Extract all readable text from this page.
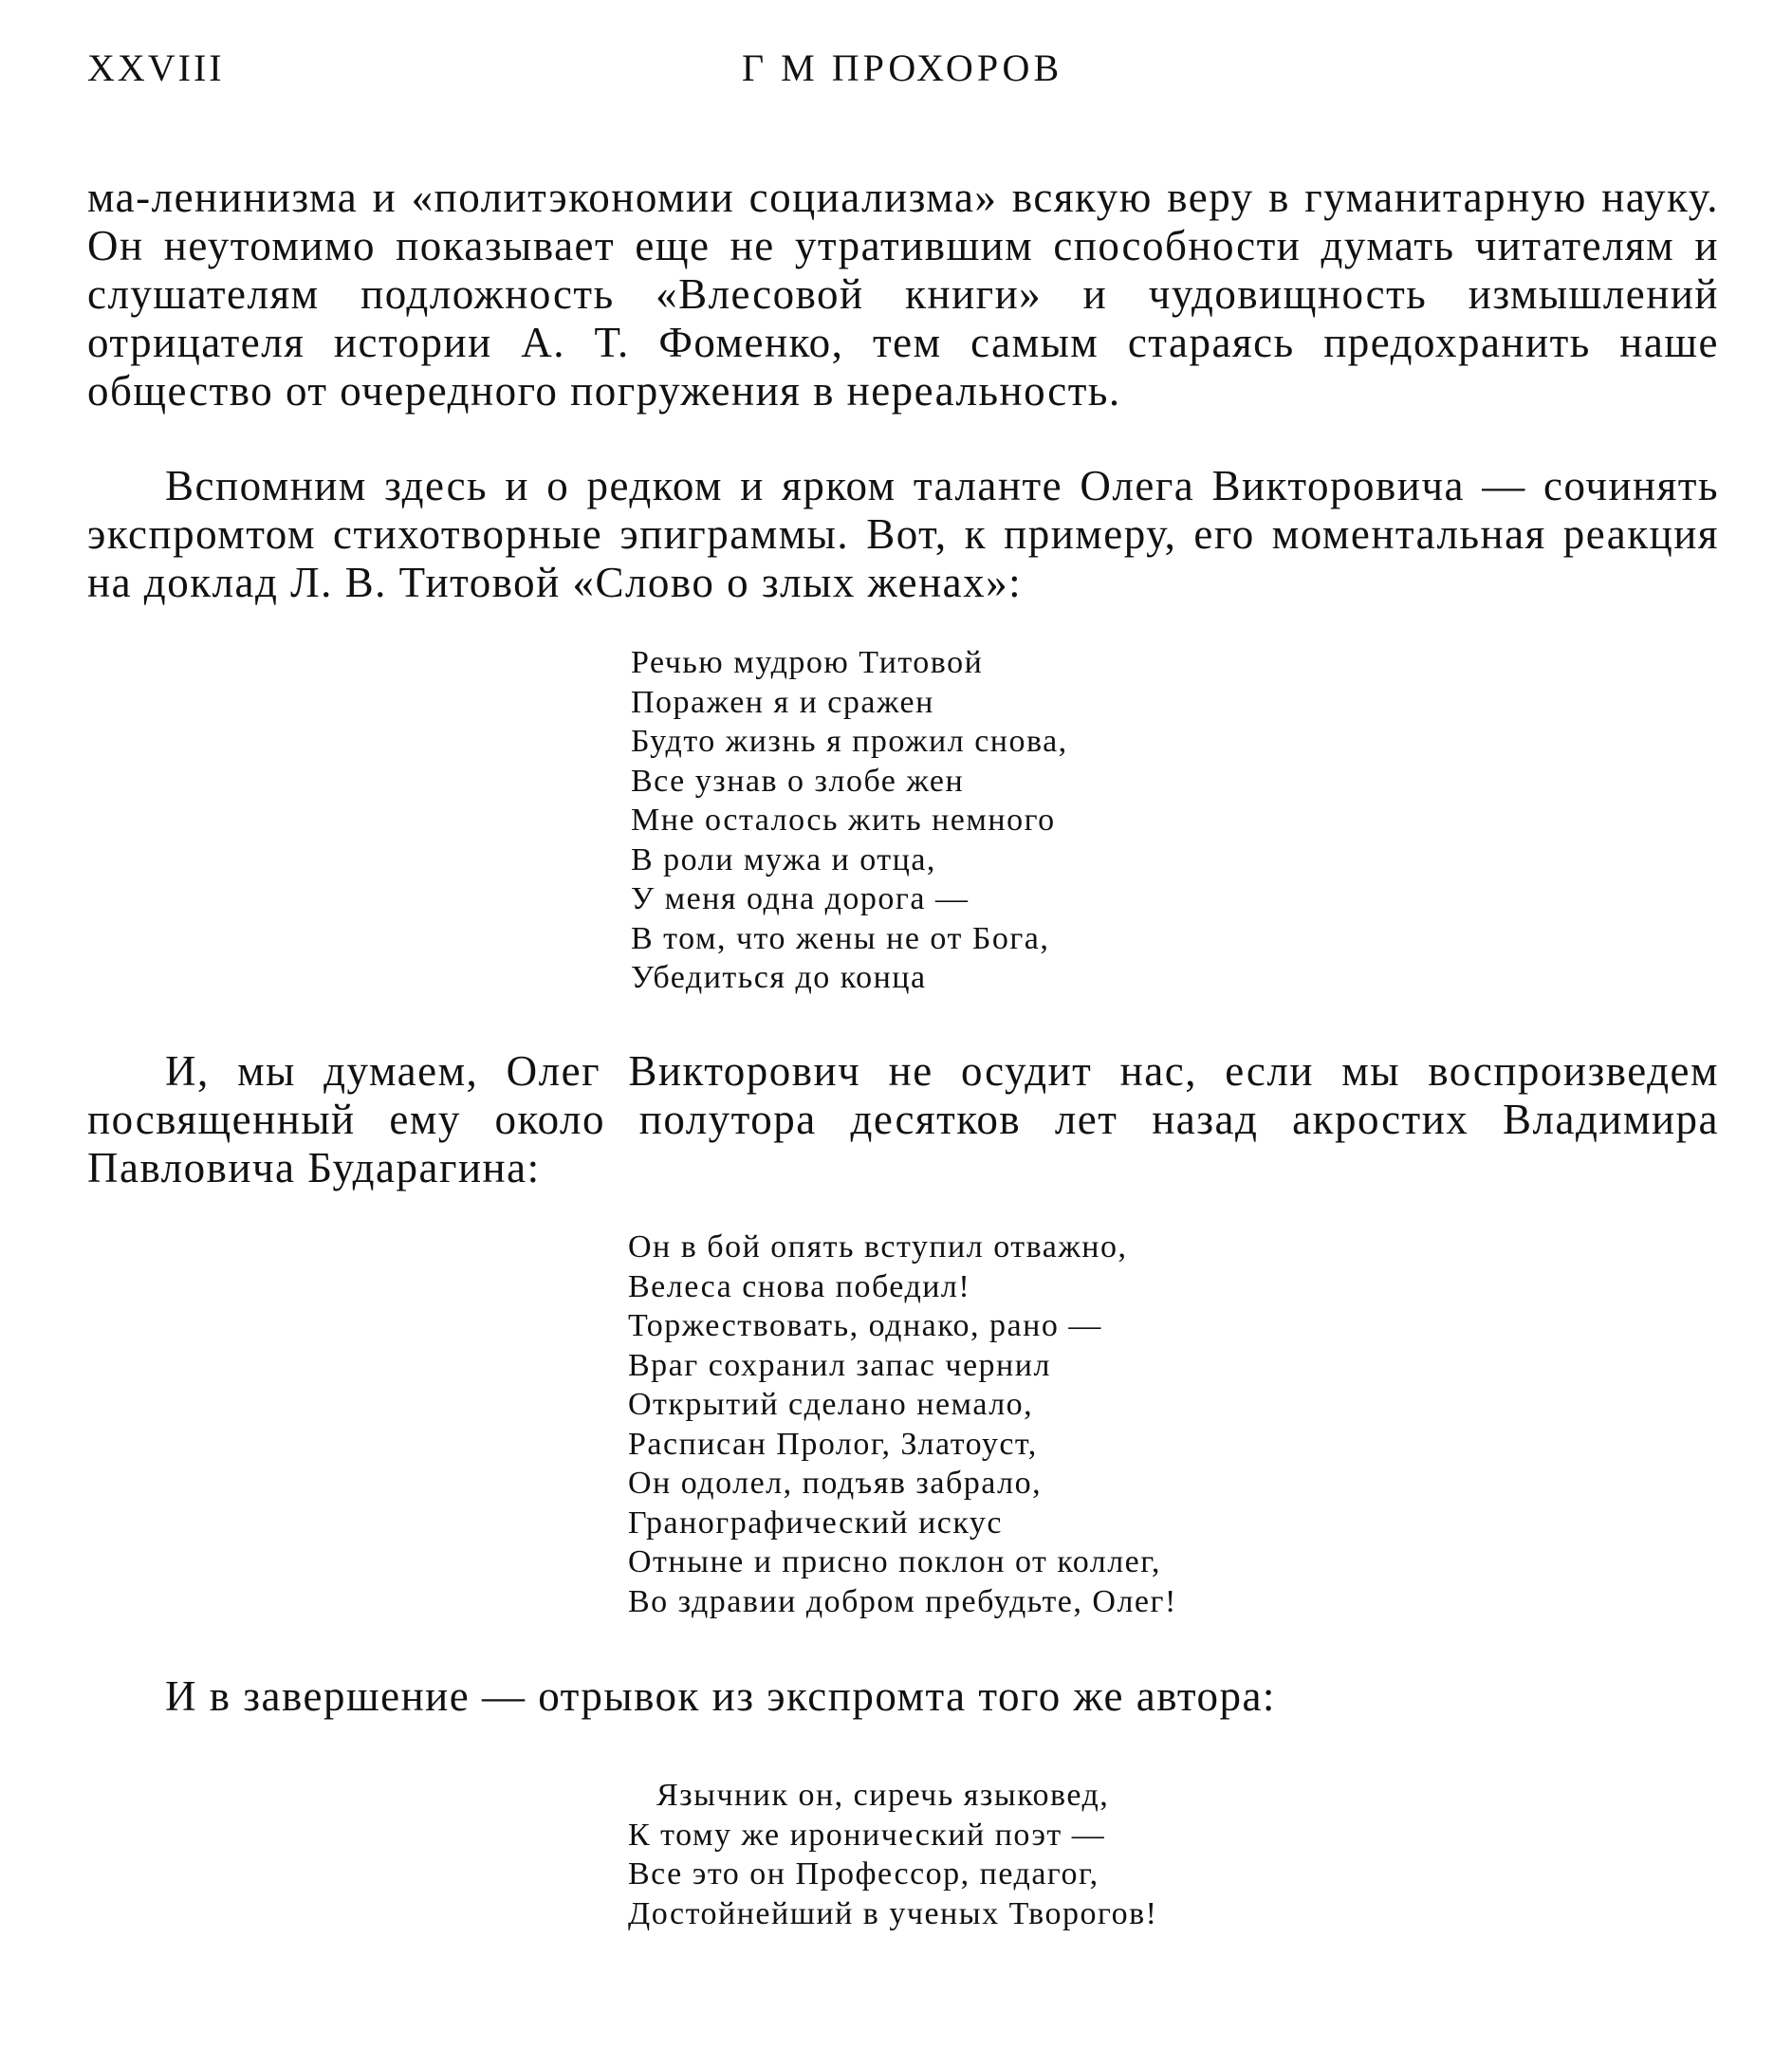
XXVIII	Г М ПРОХОРОВ

ма-ленинизма и «политэкономии социализма» всякую веру в гуманитарную науку. Он неутомимо показывает еще не утратившим способности думать читателям и слушателям подложность «Влесовой книги» и чудовищность измышлений отрицателя истории А. Т. Фоменко, тем самым стараясь предохранить наше общество от очередного погружения в нереальность.

Вспомним здесь и о редком и ярком таланте Олега Викторовича — сочинять экспромтом стихотворные эпиграммы. Вот, к примеру, его моментальная реакция на доклад Л. В. Титовой «Слово о злых женах»:

Речью мудрою Титовой
Поражен я и сражен
Будто жизнь я прожил снова,
Все узнав о злобе жен
Мне осталось жить немного
В роли мужа и отца,
У меня одна дорога —
В том, что жены не от Бога,
Убедиться до конца

И, мы думаем, Олег Викторович не осудит нас, если мы воспроизведем посвященный ему около полутора десятков лет назад акростих Владимира Павловича Бударагина:

Он в бой опять вступил отважно,
Велеса снова победил!
Торжествовать, однако, рано —
Враг сохранил запас чернил
Открытий сделано немало,
Расписан Пролог, Златоуст,
Он одолел, подъяв забрало,
Гранографический искус
Отныне и присно поклон от коллег,
Во здравии добром пребудьте, Олег!

И в завершение — отрывок из экспромта того же автора:

Язычник он, сиречь языковед,
К тому же иронический поэт —
Все это он Профессор, педагог,
Достойнейший в ученых Творогов!
